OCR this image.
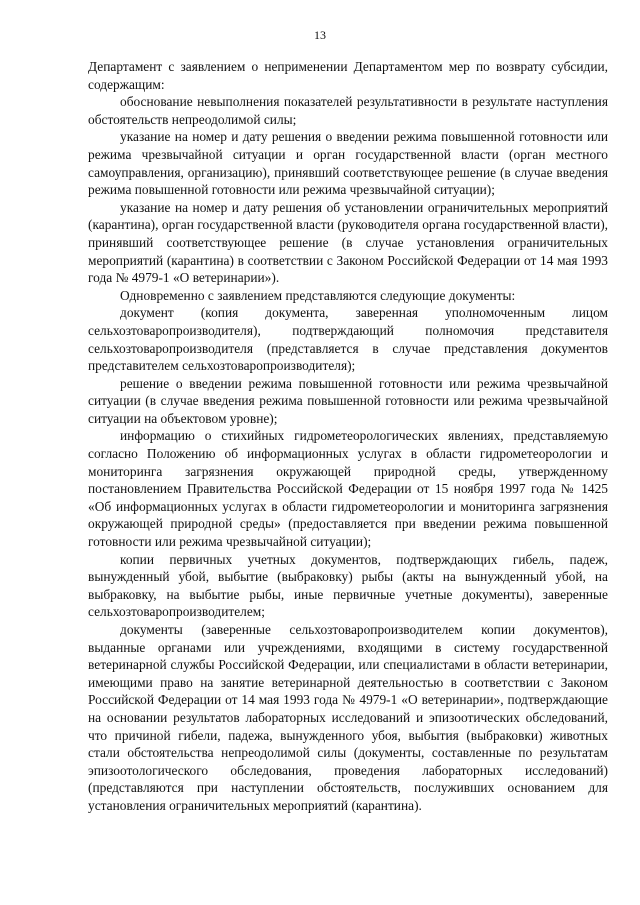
13

Департамент с заявлением о неприменении Департаментом мер по возврату субсидии, содержащим:

обоснование невыполнения показателей результативности в результате наступления обстоятельств непреодолимой силы;

указание на номер и дату решения о введении режима повышенной готовности или режима чрезвычайной ситуации и орган государственной власти (орган местного самоуправления, организацию), принявший соответствующее решение (в случае введения режима повышенной готовности или режима чрезвычайной ситуации);

указание на номер и дату решения об установлении ограничительных мероприятий (карантина), орган государственной власти (руководителя органа государственной власти), принявший соответствующее решение (в случае установления ограничительных мероприятий (карантина) в соответствии с Законом Российской Федерации от 14 мая 1993 года № 4979-1 «О ветеринарии»).

Одновременно с заявлением представляются следующие документы:

документ (копия документа, заверенная уполномоченным лицом сельхозтоваропроизводителя), подтверждающий полномочия представителя сельхозтоваропроизводителя (представляется в случае представления документов представителем сельхозтоваропроизводителя);

решение о введении режима повышенной готовности или режима чрезвычайной ситуации (в случае введения режима повышенной готовности или режима чрезвычайной ситуации на объектовом уровне);

информацию о стихийных гидрометеорологических явлениях, представляемую согласно Положению об информационных услугах в области гидрометеорологии и мониторинга загрязнения окружающей природной среды, утвержденному постановлением Правительства Российской Федерации от 15 ноября 1997 года № 1425 «Об информационных услугах в области гидрометеорологии и мониторинга загрязнения окружающей природной среды» (предоставляется при введении режима повышенной готовности или режима чрезвычайной ситуации);

копии первичных учетных документов, подтверждающих гибель, падеж, вынужденный убой, выбытие (выбраковку) рыбы (акты на вынужденный убой, на выбраковку, на выбытие рыбы, иные первичные учетные документы), заверенные сельхозтоваропроизводителем;

документы (заверенные сельхозтоваропроизводителем копии документов), выданные органами или учреждениями, входящими в систему государственной ветеринарной службы Российской Федерации, или специалистами в области ветеринарии, имеющими право на занятие ветеринарной деятельностью в соответствии с Законом Российской Федерации от 14 мая 1993 года № 4979-1 «О ветеринарии», подтверждающие на основании результатов лабораторных исследований и эпизоотических обследований, что причиной гибели, падежа, вынужденного убоя, выбытия (выбраковки) животных стали обстоятельства непреодолимой силы (документы, составленные по результатам эпизоотологического обследования, проведения лабораторных исследований) (представляются при наступлении обстоятельств, послуживших основанием для установления ограничительных мероприятий (карантина).
